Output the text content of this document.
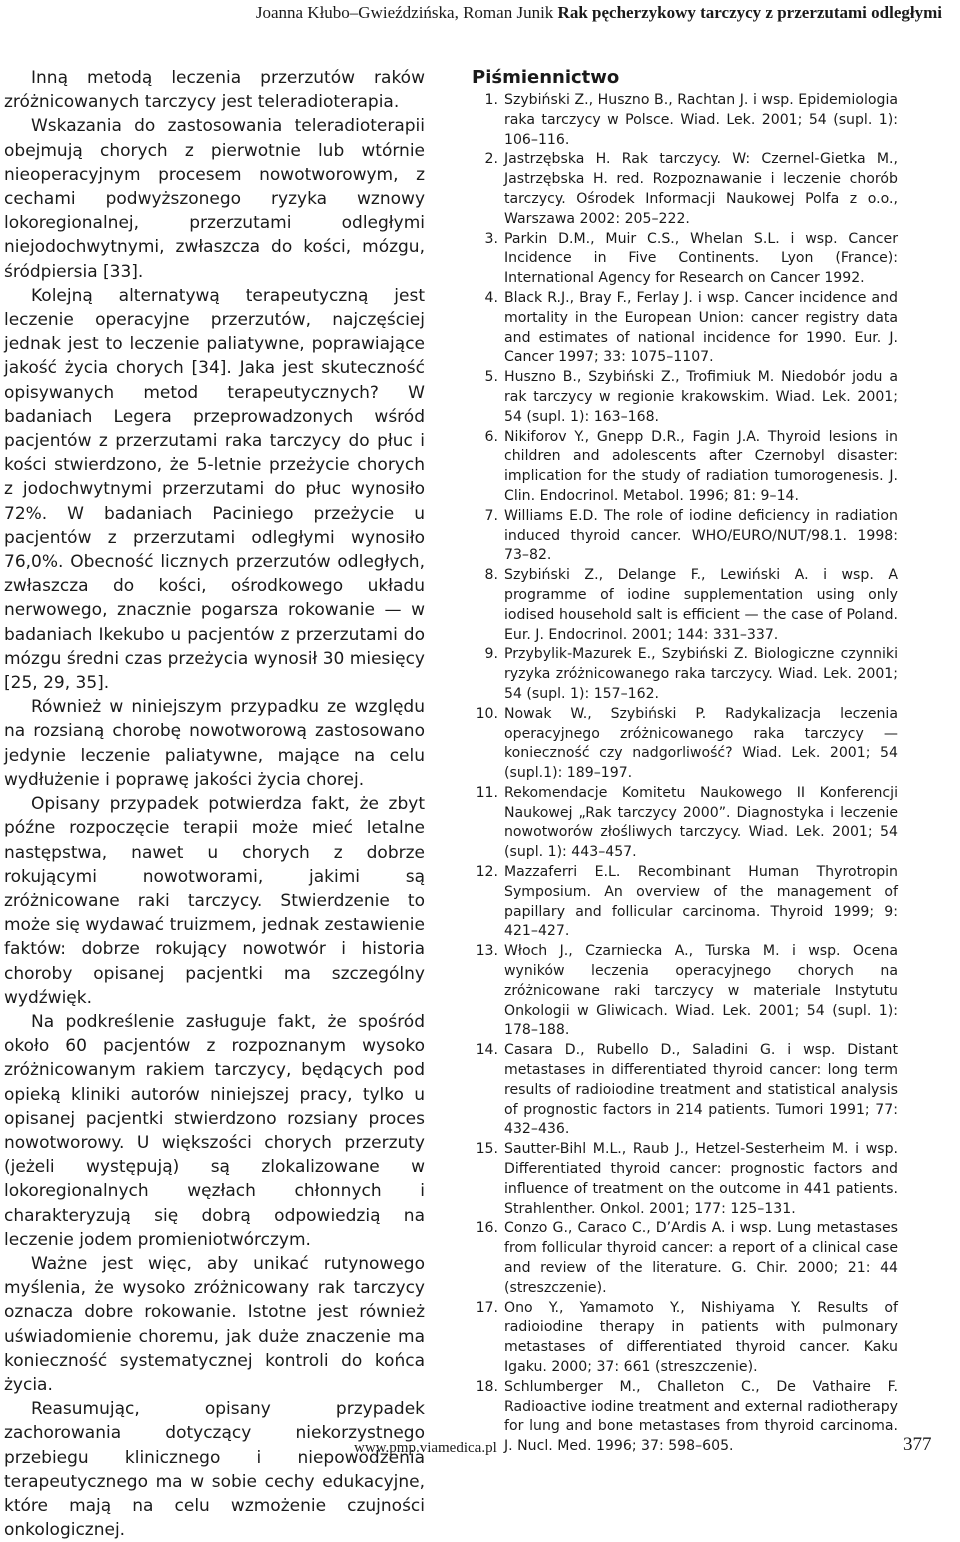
Joanna Kłubo–Gwieździńska, Roman Junik Rak pęcherzykowy tarczycy z przerzutami odległymi

Inną metodą leczenia przerzutów raków zróżnicowanych tarczycy jest teleradioterapia.

Wskazania do zastosowania teleradioterapii obejmują chorych z pierwotnie lub wtórnie nieoperacyjnym procesem nowotworowym, z cechami podwyższonego ryzyka wznowy lokoregionalnej, przerzutami odległymi niejodochwytnymi, zwłaszcza do kości, mózgu, śródpiersia [33].

Kolejną alternatywą terapeutyczną jest leczenie operacyjne przerzutów, najczęściej jednak jest to leczenie paliatywne, poprawiające jakość życia chorych [34]. Jaka jest skuteczność opisywanych metod terapeutycznych? W badaniach Legera przeprowadzonych wśród pacjentów z przerzutami raka tarczycy do płuc i kości stwierdzono, że 5-letnie przeżycie chorych z jodochwytnymi przerzutami do płuc wynosiło 72%. W badaniach Paciniego przeżycie u pacjentów z przerzutami odległymi wynosiło 76,0%. Obecność licznych przerzutów odległych, zwłaszcza do kości, ośrodkowego układu nerwowego, znacznie pogarsza rokowanie — w badaniach Ikekubo u pacjentów z przerzutami do mózgu średni czas przeżycia wynosił 30 miesięcy [25, 29, 35].

Również w niniejszym przypadku ze względu na rozsianą chorobę nowotworową zastosowano jedynie leczenie paliatywne, mające na celu wydłużenie i poprawę jakości życia chorej.

Opisany przypadek potwierdza fakt, że zbyt późne rozpoczęcie terapii może mieć letalne następstwa, nawet u chorych z dobrze rokującymi nowotworami, jakimi są zróżnicowane raki tarczycy. Stwierdzenie to może się wydawać truizmem, jednak zestawienie faktów: dobrze rokujący nowotwór i historia choroby opisanej pacjentki ma szczególny wydźwięk.

Na podkreślenie zasługuje fakt, że spośród około 60 pacjentów z rozpoznanym wysoko zróżnicowanym rakiem tarczycy, będących pod opieką kliniki autorów niniejszej pracy, tylko u opisanej pacjentki stwierdzono rozsiany proces nowotworowy. U większości chorych przerzuty (jeżeli występują) są zlokalizowane w lokoregionalnych węzłach chłonnych i charakteryzują się dobrą odpowiedzią na leczenie jodem promieniotwórczym.

Ważne jest więc, aby unikać rutynowego myślenia, że wysoko zróżnicowany rak tarczycy oznacza dobre rokowanie. Istotne jest również uświadomienie choremu, jak duże znaczenie ma konieczność systematycznej kontroli do końca życia.

Reasumując, opisany przypadek zachorowania dotyczący niekorzystnego przebiegu klinicznego i niepowodzenia terapeutycznego ma w sobie cechy edukacyjne, które mają na celu wzmożenie czujności onkologicznej.

Piśmiennictwo
1. Szybiński Z., Huszno B., Rachtan J. i wsp. Epidemiologia raka tarczycy w Polsce. Wiad. Lek. 2001; 54 (supl. 1): 106–116.
2. Jastrzębska H. Rak tarczycy. W: Czernel-Gietka M., Jastrzębska H. red. Rozpoznawanie i leczenie chorób tarczycy. Ośrodek Informacji Naukowej Polfa z o.o., Warszawa 2002: 205–222.
3. Parkin D.M., Muir C.S., Whelan S.L. i wsp. Cancer Incidence in Five Continents. Lyon (France): International Agency for Research on Cancer 1992.
4. Black R.J., Bray F., Ferlay J. i wsp. Cancer incidence and mortality in the European Union: cancer registry data and estimates of national incidence for 1990. Eur. J. Cancer 1997; 33: 1075–1107.
5. Huszno B., Szybiński Z., Trofimiuk M. Niedobór jodu a rak tarczycy w regionie krakowskim. Wiad. Lek. 2001; 54 (supl. 1): 163–168.
6. Nikiforov Y., Gnepp D.R., Fagin J.A. Thyroid lesions in children and adolescents after Czernobyl disaster: implication for the study of radiation tumorogenesis. J. Clin. Endocrinol. Metabol. 1996; 81: 9–14.
7. Williams E.D. The role of iodine deficiency in radiation induced thyroid cancer. WHO/EURO/NUT/98.1. 1998: 73–82.
8. Szybiński Z., Delange F., Lewiński A. i wsp. A programme of iodine supplementation using only iodised household salt is efficient — the case of Poland. Eur. J. Endocrinol. 2001; 144: 331–337.
9. Przybylik-Mazurek E., Szybiński Z. Biologiczne czynniki ryzyka zróżnicowanego raka tarczycy. Wiad. Lek. 2001; 54 (supl. 1): 157–162.
10. Nowak W., Szybiński P. Radykalizacja leczenia operacyjnego zróżnicowanego raka tarczycy — konieczność czy nadgorliwość? Wiad. Lek. 2001; 54 (supl.1): 189–197.
11. Rekomendacje Komitetu Naukowego II Konferencji Naukowej „Rak tarczycy 2000”. Diagnostyka i leczenie nowotworów złośliwych tarczycy. Wiad. Lek. 2001; 54 (supl. 1): 443–457.
12. Mazzaferri E.L. Recombinant Human Thyrotropin Symposium. An overview of the management of papillary and follicular carcinoma. Thyroid 1999; 9: 421–427.
13. Włoch J., Czarniecka A., Turska M. i wsp. Ocena wyników leczenia operacyjnego chorych na zróżnicowane raki tarczycy w materiale Instytutu Onkologii w Gliwicach. Wiad. Lek. 2001; 54 (supl. 1): 178–188.
14. Casara D., Rubello D., Saladini G. i wsp. Distant metastases in differentiated thyroid cancer: long term results of radioiodine treatment and statistical analysis of prognostic factors in 214 patients. Tumori 1991; 77: 432–436.
15. Sautter-Bihl M.L., Raub J., Hetzel-Sesterheim M. i wsp. Differentiated thyroid cancer: prognostic factors and influence of treatment on the outcome in 441 patients. Strahlenther. Onkol. 2001; 177: 125–131.
16. Conzo G., Caraco C., D’Ardis A. i wsp. Lung metastases from follicular thyroid cancer: a report of a clinical case and review of the literature. G. Chir. 2000; 21: 44 (streszczenie).
17. Ono Y., Yamamoto Y., Nishiyama Y. Results of radioiodine therapy in patients with pulmonary metastases of differentiated thyroid cancer. Kaku Igaku. 2000; 37: 661 (streszczenie).
18. Schlumberger M., Challeton C., De Vathaire F. Radioactive iodine treatment and external radiotherapy for lung and bone metastases from thyroid carcinoma. J. Nucl. Med. 1996; 37: 598–605.
www.pmp.viamedica.pl	377
